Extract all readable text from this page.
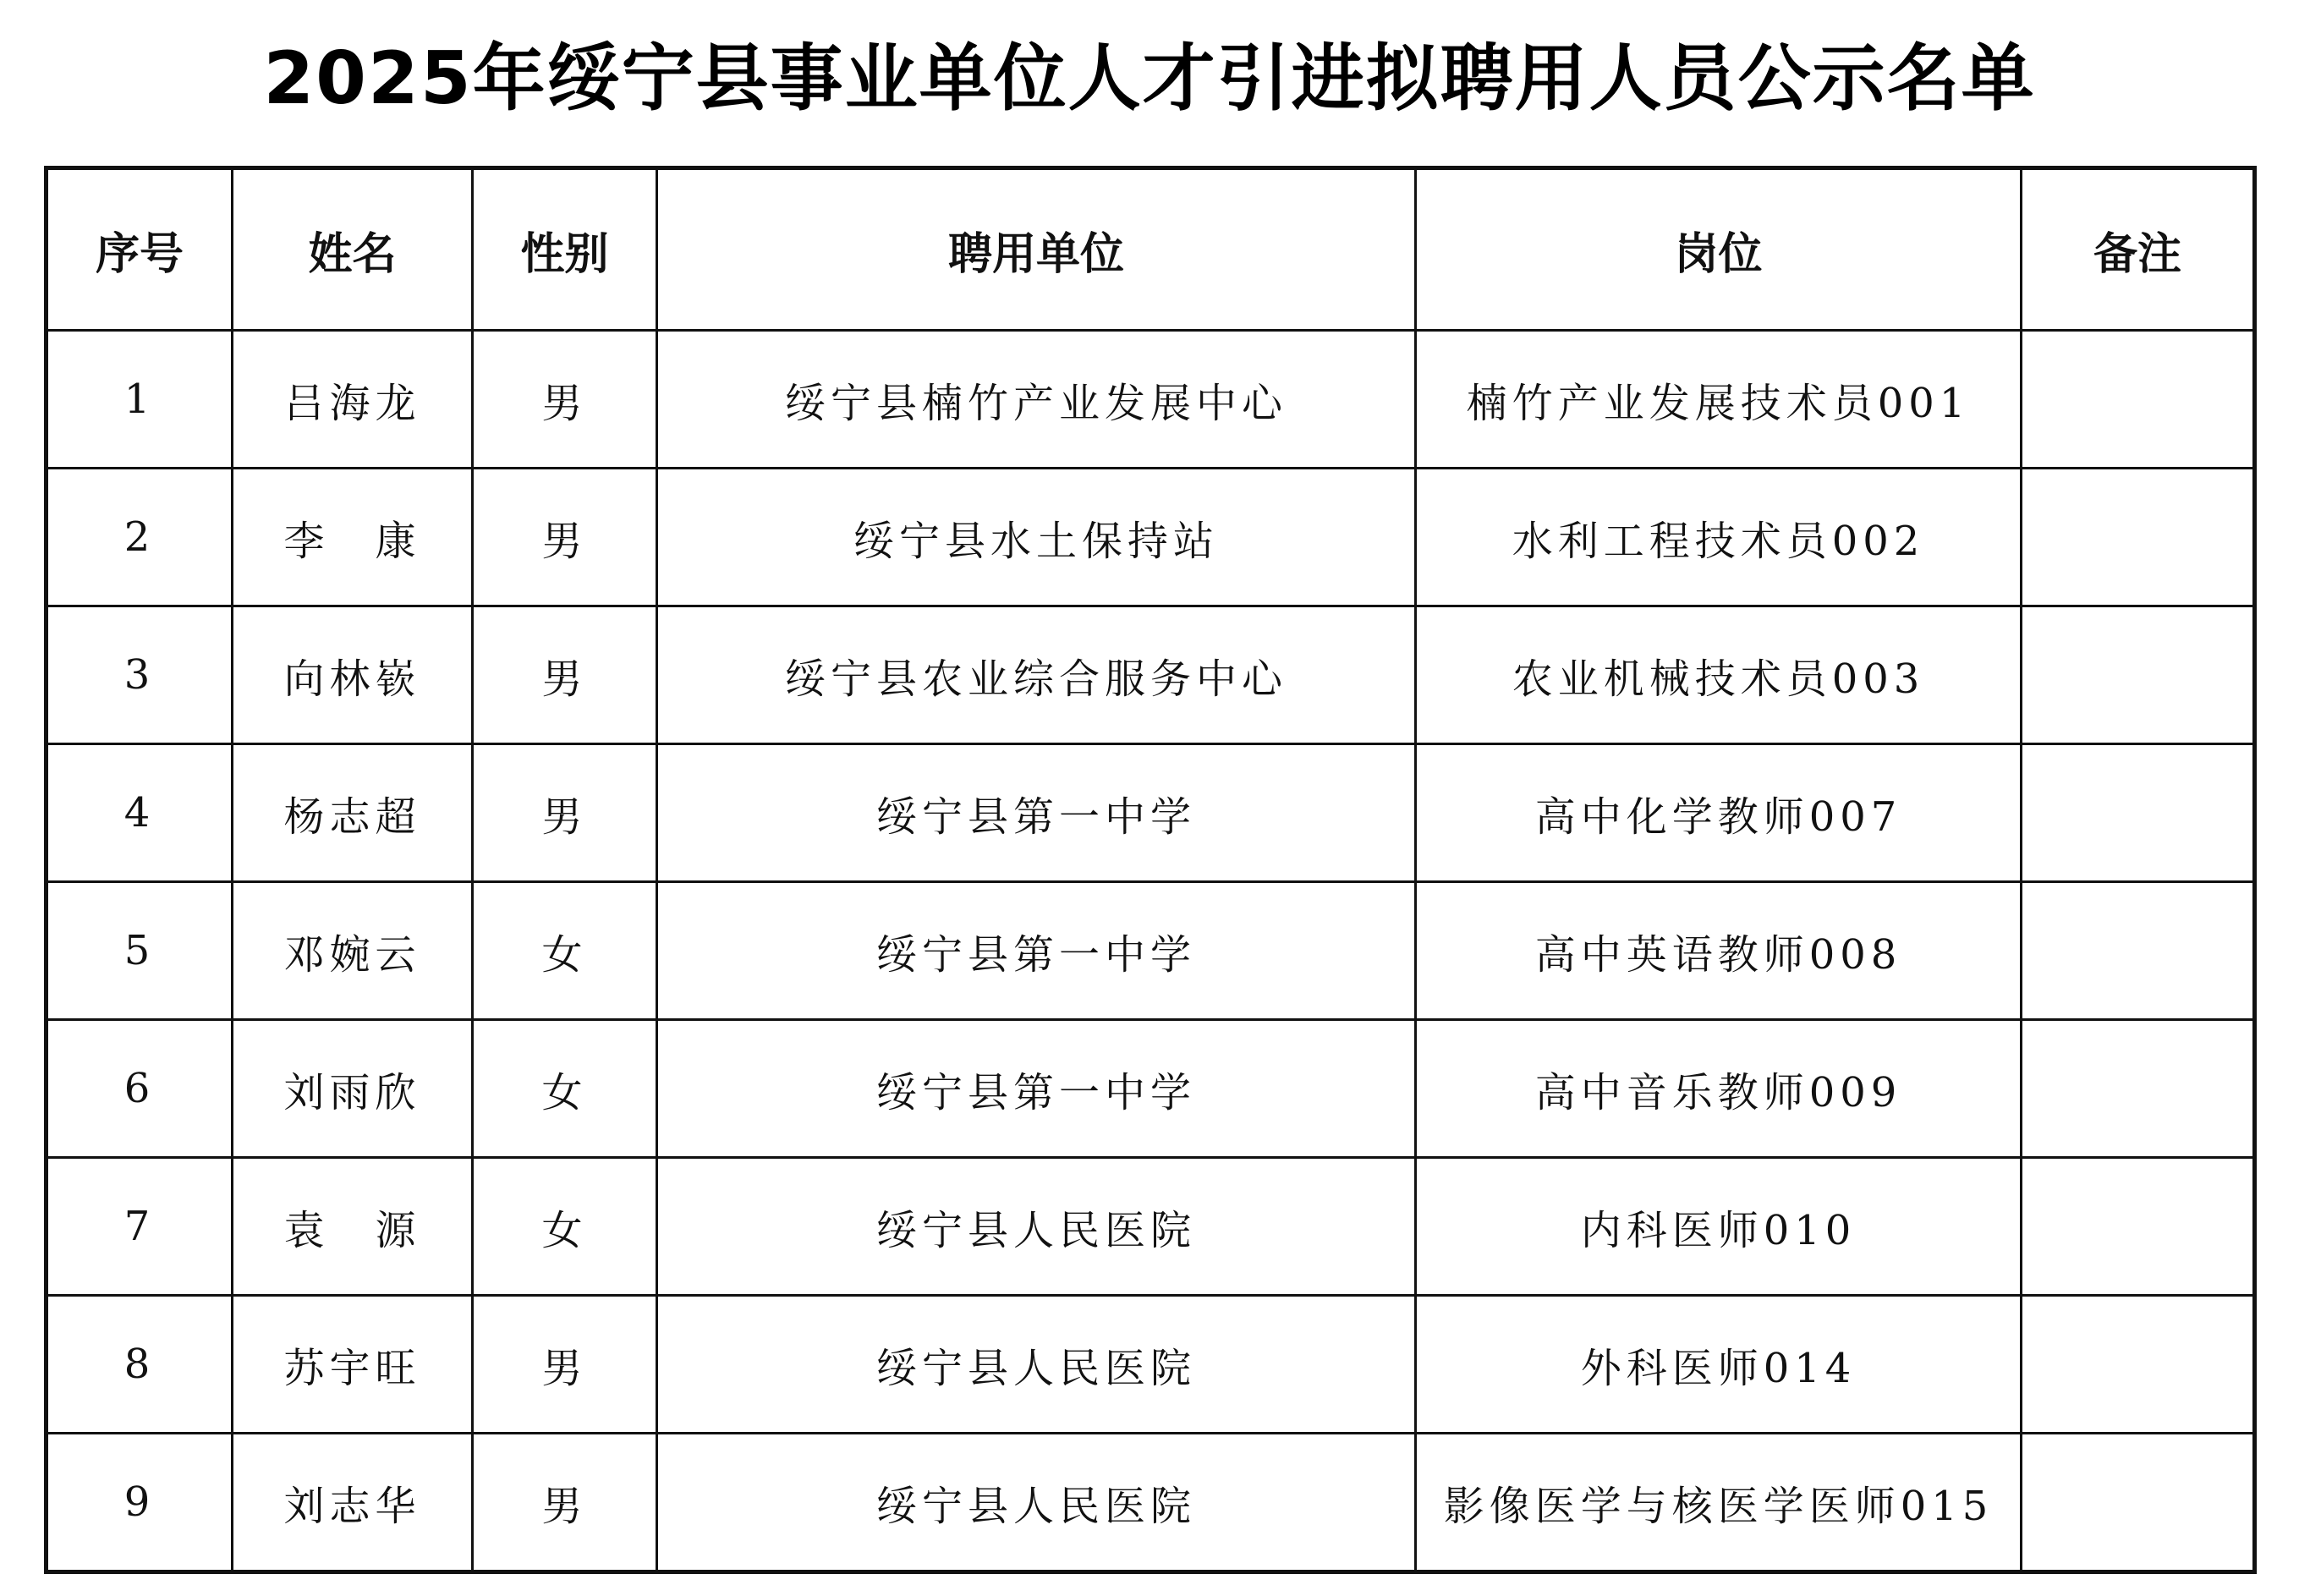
2025年绥宁县事业单位人才引进拟聘用人员公示名单
序号	姓名	性别	聘用单位	岗位	备注
1	吕海龙	男	绥宁县楠竹产业发展中心	楠竹产业发展技术员001	
2	李　康	男	绥宁县水土保持站	水利工程技术员002	
3	向林嵚	男	绥宁县农业综合服务中心	农业机械技术员003	
4	杨志超	男	绥宁县第一中学	高中化学教师007	
5	邓婉云	女	绥宁县第一中学	高中英语教师008	
6	刘雨欣	女	绥宁县第一中学	高中音乐教师009	
7	袁　源	女	绥宁县人民医院	内科医师010	
8	苏宇旺	男	绥宁县人民医院	外科医师014	
9	刘志华	男	绥宁县人民医院	影像医学与核医学医师015	
